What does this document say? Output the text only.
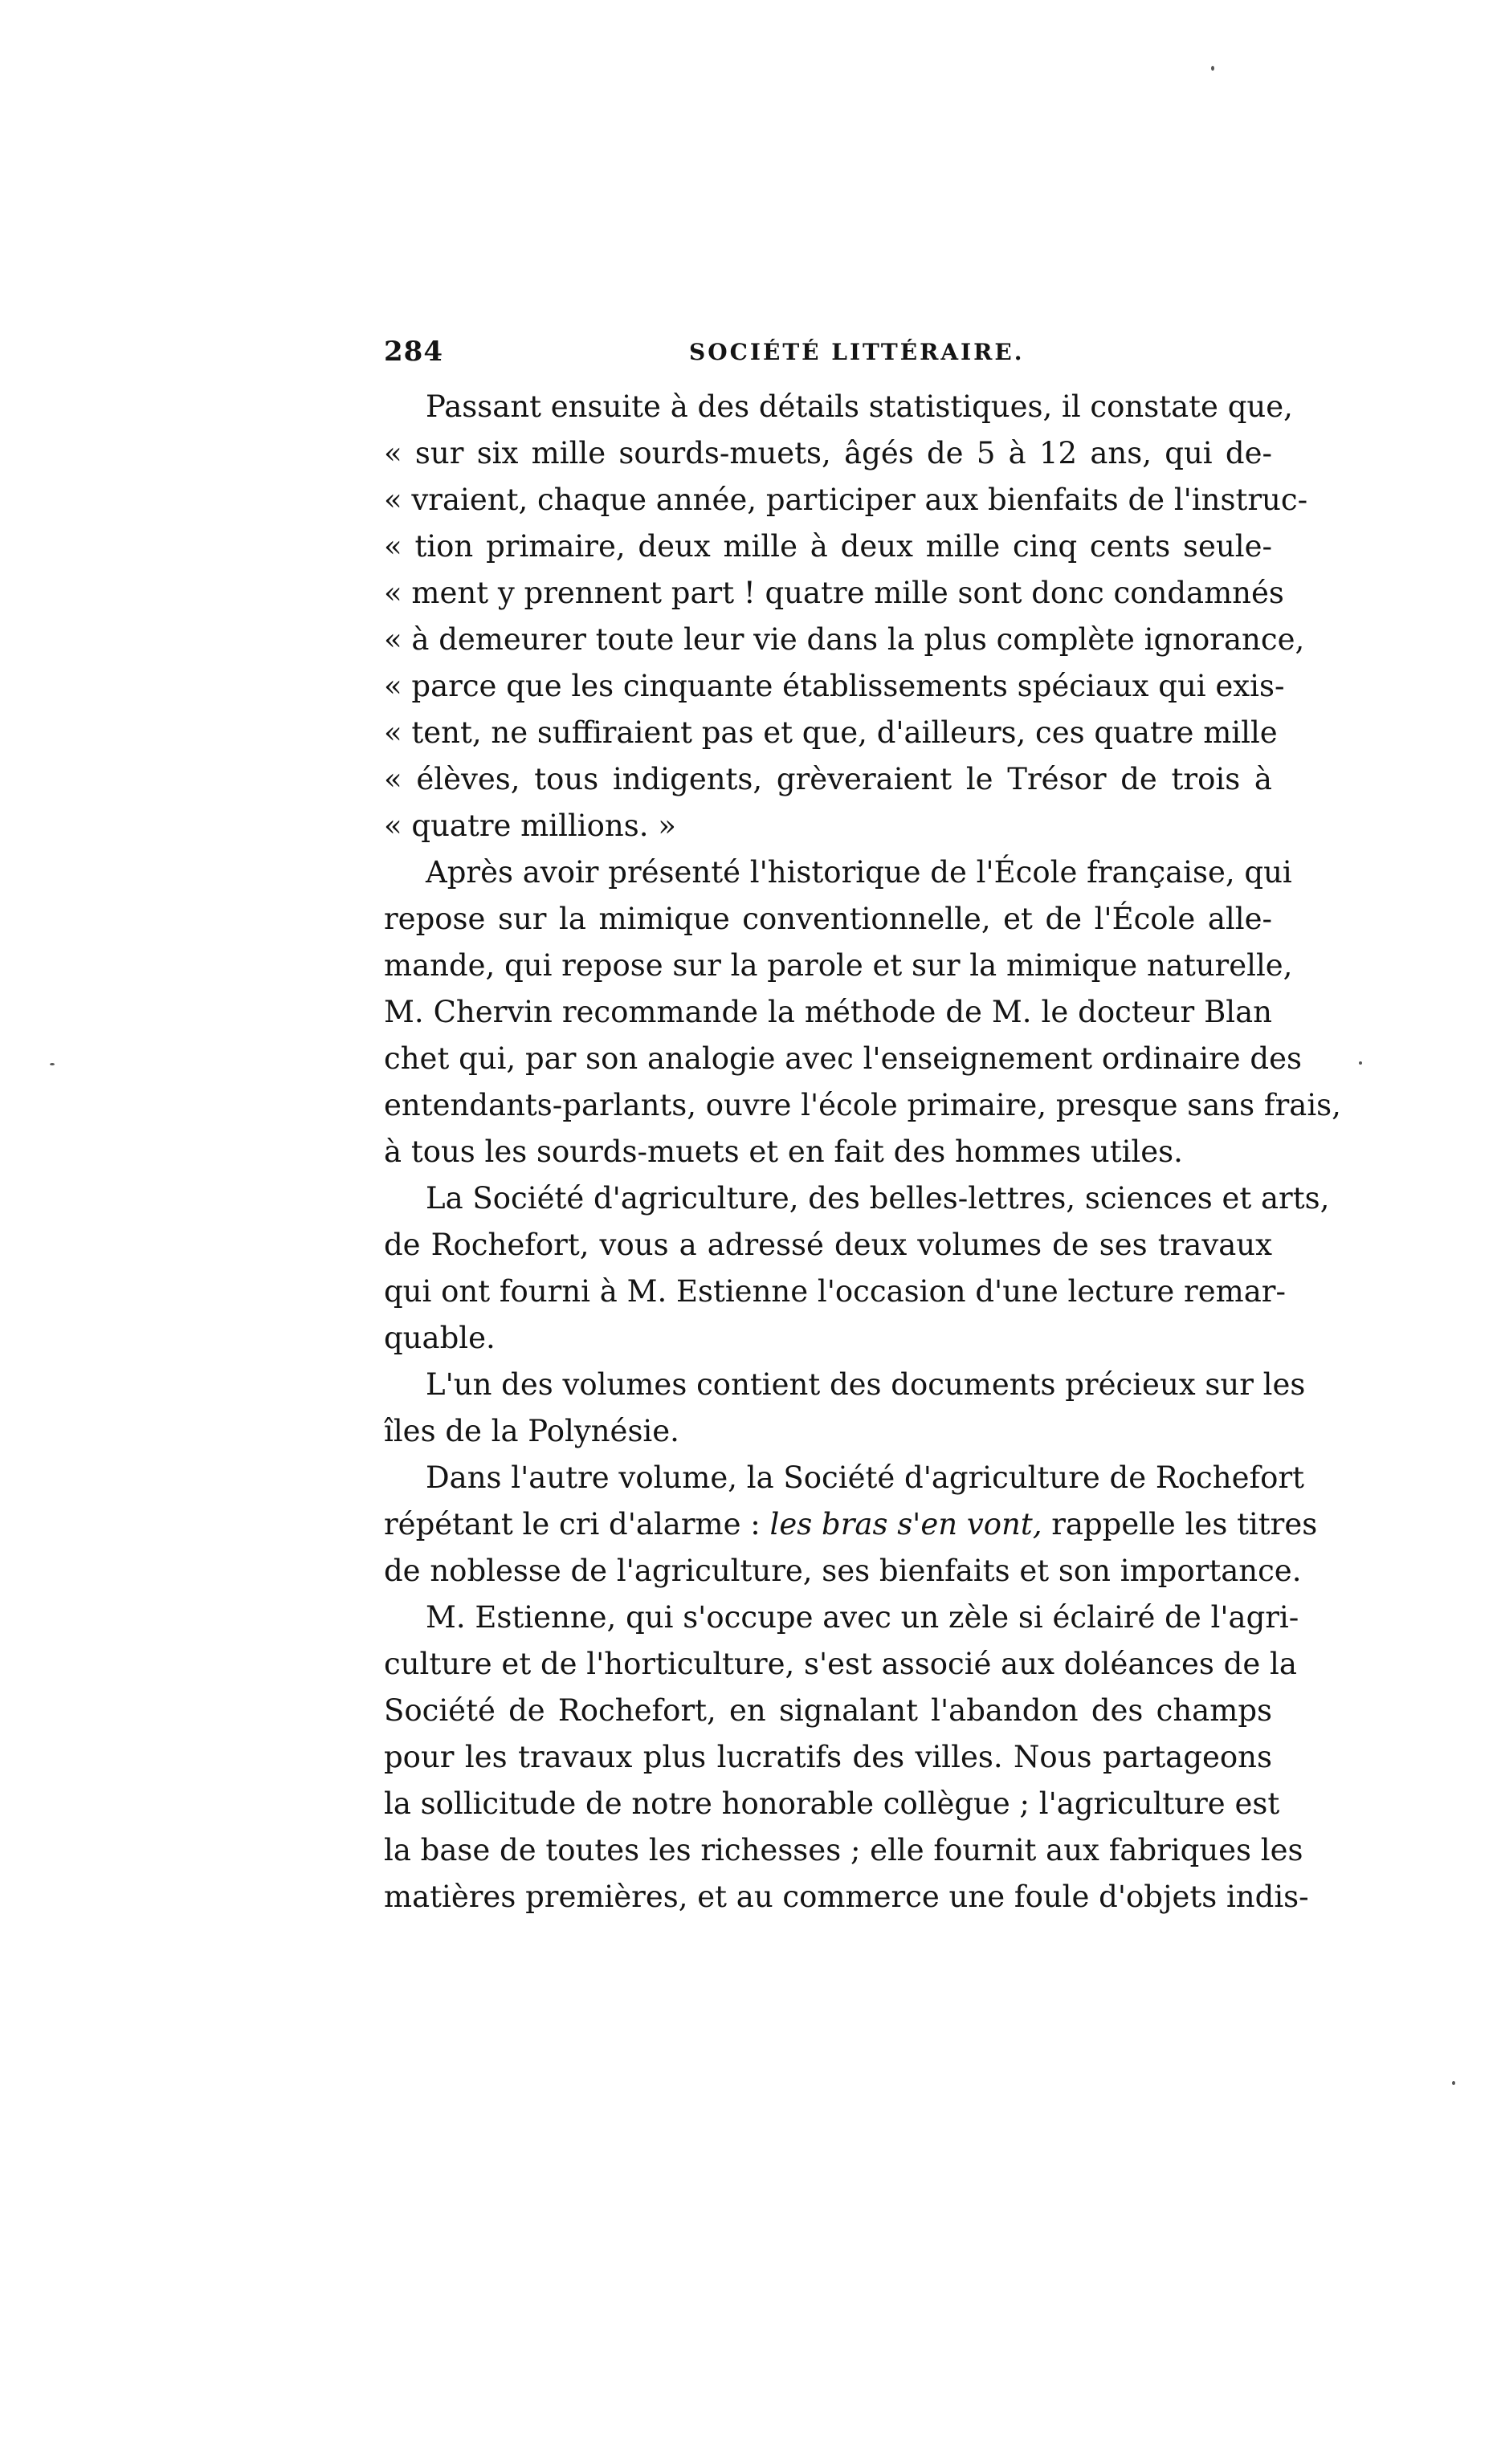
284	SOCIÉTÉ LITTÉRAIRE.
Passant ensuite à des détails statistiques, il constate que,
« sur six mille sourds-muets, âgés de 5 à 12 ans, qui de-
« vraient, chaque année, participer aux bienfaits de l'instruc-
« tion primaire, deux mille à deux mille cinq cents seule-
« ment y prennent part ! quatre mille sont donc condamnés
« à demeurer toute leur vie dans la plus complète ignorance,
« parce que les cinquante établissements spéciaux qui exis-
« tent, ne suffiraient pas et que, d'ailleurs, ces quatre mille
« élèves, tous indigents, grèveraient le Trésor de trois à
« quatre millions. »
Après avoir présenté l'historique de l'École française, qui
repose sur la mimique conventionnelle, et de l'École alle-
mande, qui repose sur la parole et sur la mimique naturelle,
M. Chervin recommande la méthode de M. le docteur Blan
chet qui, par son analogie avec l'enseignement ordinaire des
entendants-parlants, ouvre l'école primaire, presque sans frais,
à tous les sourds-muets et en fait des hommes utiles.
La Société d'agriculture, des belles-lettres, sciences et arts,
de Rochefort, vous a adressé deux volumes de ses travaux
qui ont fourni à M. Estienne l'occasion d'une lecture remar-
quable.
L'un des volumes contient des documents précieux sur les
îles de la Polynésie.
Dans l'autre volume, la Société d'agriculture de Rochefort
répétant le cri d'alarme : les bras s'en vont, rappelle les titres
de noblesse de l'agriculture, ses bienfaits et son importance.
M. Estienne, qui s'occupe avec un zèle si éclairé de l'agri-
culture et de l'horticulture, s'est associé aux doléances de la
Société de Rochefort, en signalant l'abandon des champs
pour les travaux plus lucratifs des villes. Nous partageons
la sollicitude de notre honorable collègue ; l'agriculture est
la base de toutes les richesses ; elle fournit aux fabriques les
matières premières, et au commerce une foule d'objets indis-
